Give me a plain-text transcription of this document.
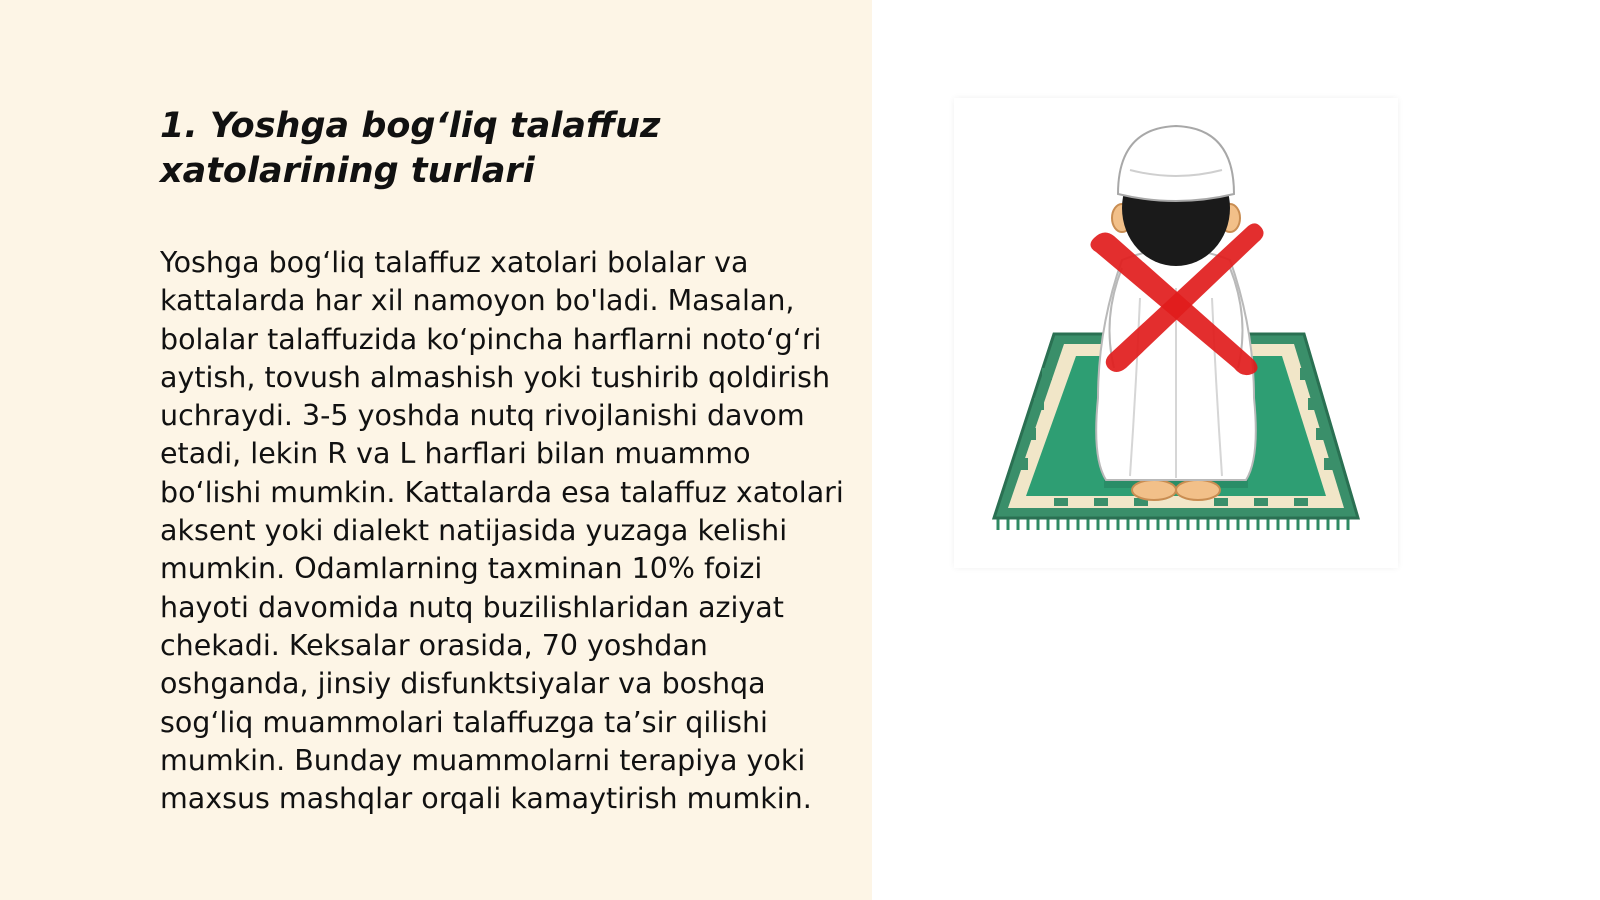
1. Yoshga bog‘liq talaffuz xatolarining turlari

Yoshga bog‘liq talaffuz xatolari bolalar va kattalarda har xil namoyon bo'ladi. Masalan, bolalar talaffuzida ko‘pincha harflarni noto‘g‘ri aytish, tovush almashish yoki tushirib qoldirish uchraydi. 3-5 yoshda nutq rivojlanishi davom etadi, lekin R va L harflari bilan muammo bo‘lishi mumkin. Kattalarda esa talaffuz xatolari aksent yoki dialekt natijasida yuzaga kelishi mumkin. Odamlarning taxminan 10% foizi hayoti davomida nutq buzilishlaridan aziyat chekadi. Keksalar orasida, 70 yoshdan oshganda, jinsiy disfunktsiyalar va boshqa sog‘liq muammolari talaffuzga ta’sir qilishi mumkin. Bunday muammolarni terapiya yoki maxsus mashqlar orqali kamaytirish mumkin.
